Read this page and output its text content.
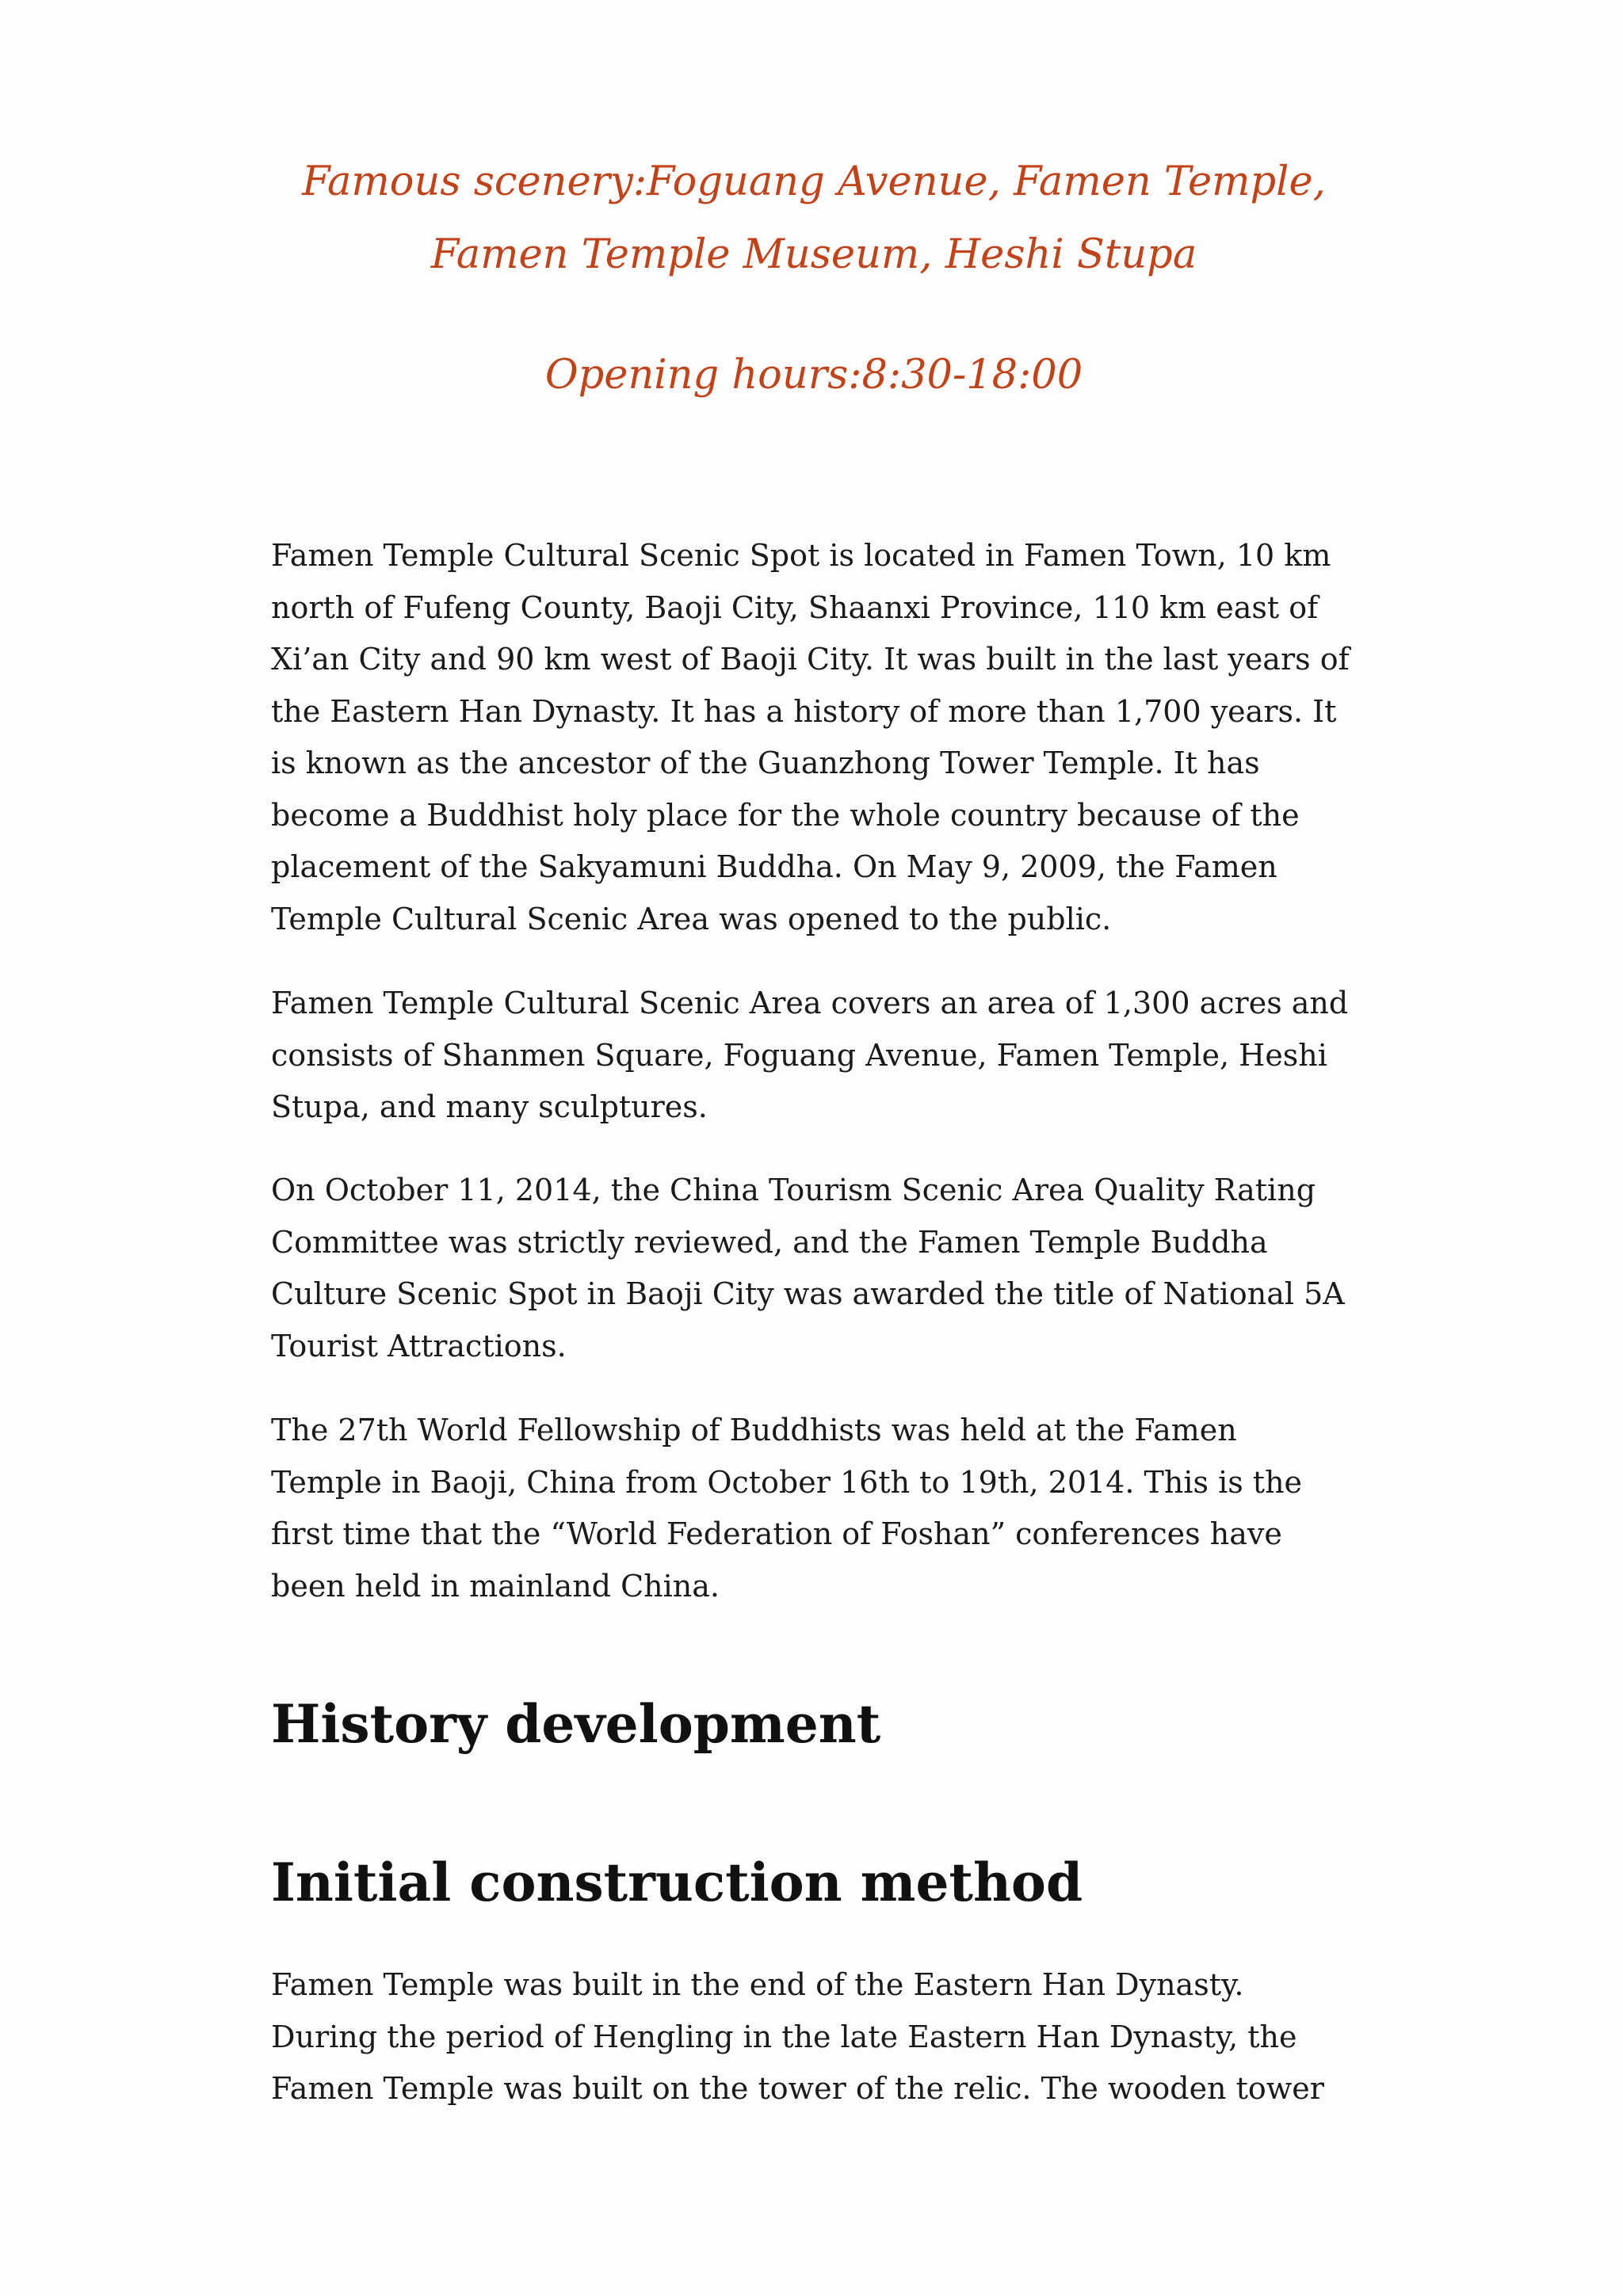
Famous scenery:Foguang Avenue, Famen Temple, Famen Temple Museum, Heshi Stupa
Opening hours:8:30-18:00

Famen Temple Cultural Scenic Spot is located in Famen Town, 10 km north of Fufeng County, Baoji City, Shaanxi Province, 110 km east of Xi’an City and 90 km west of Baoji City. It was built in the last years of the Eastern Han Dynasty. It has a history of more than 1,700 years. It is known as the ancestor of the Guanzhong Tower Temple. It has become a Buddhist holy place for the whole country because of the placement of the Sakyamuni Buddha. On May 9, 2009, the Famen Temple Cultural Scenic Area was opened to the public.

Famen Temple Cultural Scenic Area covers an area of 1,300 acres and consists of Shanmen Square, Foguang Avenue, Famen Temple, Heshi Stupa, and many sculptures.

On October 11, 2014, the China Tourism Scenic Area Quality Rating Committee was strictly reviewed, and the Famen Temple Buddha Culture Scenic Spot in Baoji City was awarded the title of National 5A Tourist Attractions.

The 27th World Fellowship of Buddhists was held at the Famen Temple in Baoji, China from October 16th to 19th, 2014. This is the first time that the “World Federation of Foshan” conferences have been held in mainland China.

History development
Initial construction method

Famen Temple was built in the end of the Eastern Han Dynasty. During the period of Hengling in the late Eastern Han Dynasty, the Famen Temple was built on the tower of the relic. The wooden tower
